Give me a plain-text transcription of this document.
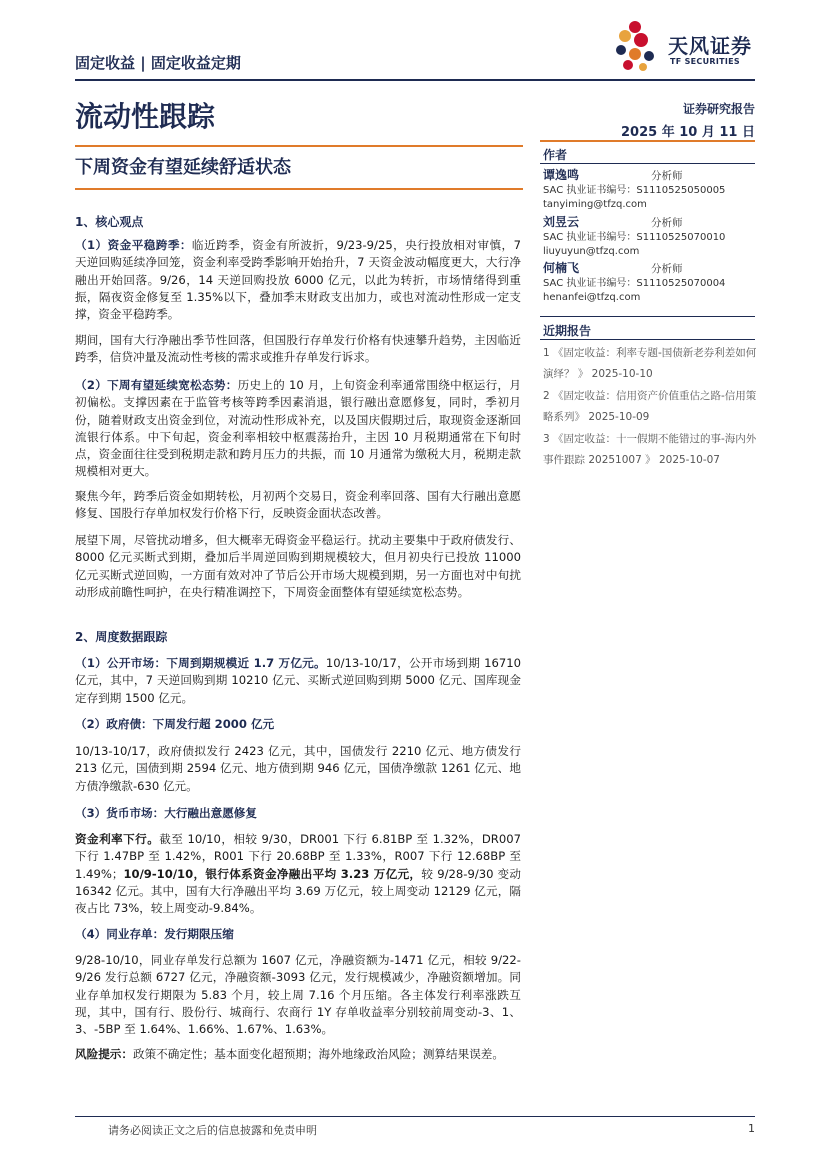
固定收益 | 固定收益定期
天风证券
TF SECURITIES
流动性跟踪	证券研究报告
2025 年 10 月 11 日
下周资金有望延续舒适状态
作者
谭逸鸣	分析师
SAC 执业证书编号：S1110525050005
tanyiming@tfzq.com
刘昱云	分析师
SAC 执业证书编号：S1110525070010
liuyuyun@tfzq.com
何楠飞	分析师
SAC 执业证书编号：S1110525070004
henanfei@tfzq.com
近期报告
1 《固定收益：利率专题-国债新老券利差如何演绎？ 》 2025-10-10
2 《固定收益：信用资产价值重估之路-信用策略系列》 2025-10-09
3 《固定收益：十一假期不能错过的事-海内外事件跟踪 20251007 》 2025-10-07
1、核心观点
（1）资金平稳跨季：临近跨季，资金有所波折，9/23-9/25，央行投放相对审慎，7 天逆回购延续净回笼，资金利率受跨季影响开始抬升，7 天资金波动幅度更大，大行净融出开始回落。9/26，14 天逆回购投放 6000 亿元，以此为转折，市场情绪得到重振，隔夜资金修复至 1.35%以下，叠加季末财政支出加力，或也对流动性形成一定支撑，资金平稳跨季。
期间，国有大行净融出季节性回落，但国股行存单发行价格有快速攀升趋势，主因临近跨季，信贷冲量及流动性考核的需求或推升存单发行诉求。
（2）下周有望延续宽松态势：历史上的 10 月，上旬资金利率通常围绕中枢运行，月初偏松。支撑因素在于监管考核等跨季因素消退，银行融出意愿修复，同时，季初月份，随着财政支出资金到位，对流动性形成补充，以及国庆假期过后，取现资金逐渐回流银行体系。中下旬起，资金利率相较中枢震荡抬升，主因 10 月税期通常在下旬时点，资金面往往受到税期走款和跨月压力的共振，而 10 月通常为缴税大月，税期走款规模相对更大。
聚焦今年，跨季后资金如期转松，月初两个交易日，资金利率回落、国有大行融出意愿修复、国股行存单加权发行价格下行，反映资金面状态改善。
展望下周，尽管扰动增多，但大概率无碍资金平稳运行。扰动主要集中于政府债发行、8000 亿元买断式到期，叠加后半周逆回购到期规模较大，但月初央行已投放 11000 亿元买断式逆回购，一方面有效对冲了节后公开市场大规模到期，另一方面也对中旬扰动形成前瞻性呵护，在央行精准调控下，下周资金面整体有望延续宽松态势。
2、周度数据跟踪
（1）公开市场：下周到期规模近 1.7 万亿元。10/13-10/17，公开市场到期 16710 亿元，其中，7 天逆回购到期 10210 亿元、买断式逆回购到期 5000 亿元、国库现金定存到期 1500 亿元。
（2）政府债：下周发行超 2000 亿元
10/13-10/17，政府债拟发行 2423 亿元，其中，国债发行 2210 亿元、地方债发行 213 亿元，国债到期 2594 亿元、地方债到期 946 亿元，国债净缴款 1261 亿元、地方债净缴款-630 亿元。
（3）货币市场：大行融出意愿修复
资金利率下行。截至 10/10，相较 9/30，DR001 下行 6.81BP 至 1.32%，DR007 下行 1.47BP 至 1.42%，R001 下行 20.68BP 至 1.33%，R007 下行 12.68BP 至 1.49%；10/9-10/10，银行体系资金净融出平均 3.23 万亿元，较 9/28-9/30 变动 16342 亿元。其中，国有大行净融出平均 3.69 万亿元，较上周变动 12129 亿元，隔夜占比 73%，较上周变动-9.84%。
（4）同业存单：发行期限压缩
9/28-10/10，同业存单发行总额为 1607 亿元，净融资额为-1471 亿元，相较 9/22-9/26 发行总额 6727 亿元，净融资额-3093 亿元，发行规模减少，净融资额增加。同业存单加权发行期限为 5.83 个月，较上周 7.16 个月压缩。各主体发行利率涨跌互现，其中，国有行、股份行、城商行、农商行 1Y 存单收益率分别较前周变动-3、1、3、-5BP 至 1.64%、1.66%、1.67%、1.63%。
风险提示：政策不确定性；基本面变化超预期；海外地缘政治风险；测算结果误差。
请务必阅读正文之后的信息披露和免责申明	1
